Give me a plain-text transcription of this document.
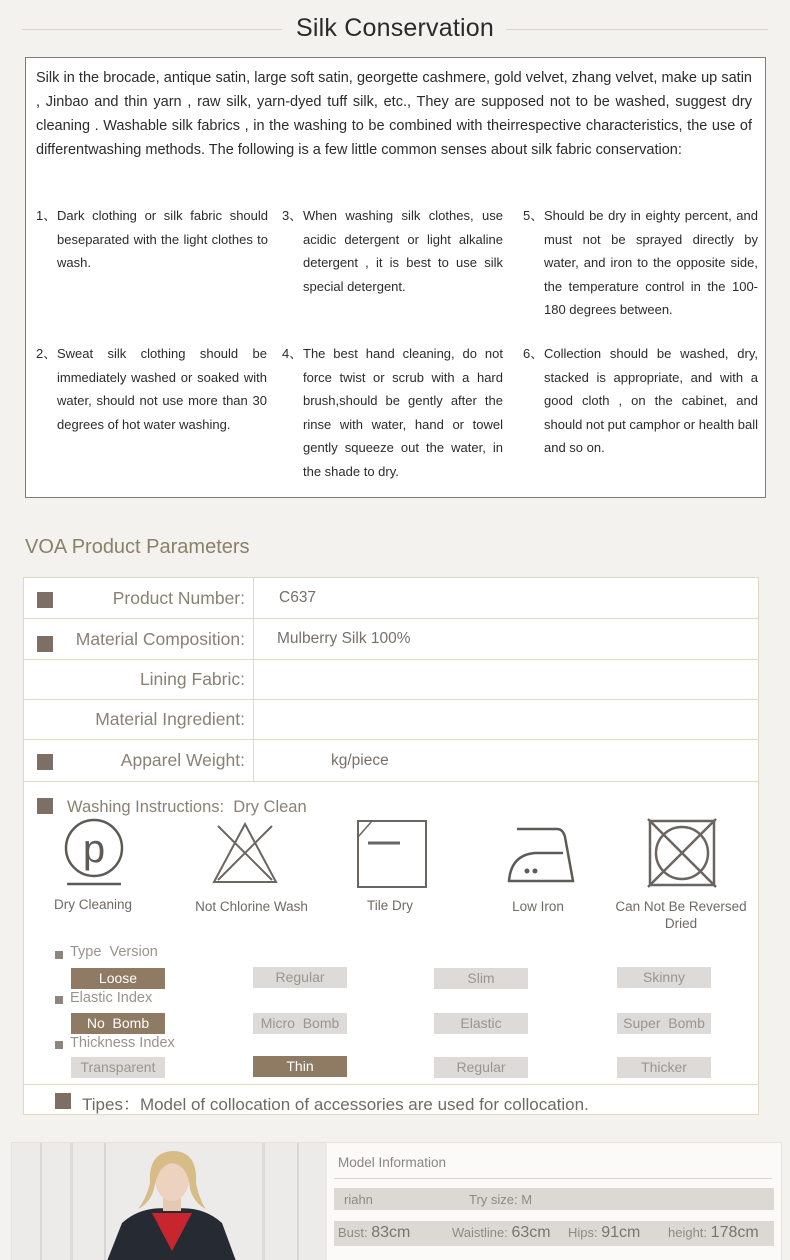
Silk Conservation

Silk in the brocade, antique satin, large soft satin, georgette cashmere, gold velvet, zhang velvet, make up satin , Jinbao and thin yarn , raw silk, yarn-dyed tuff silk, etc., They are supposed not to be washed, suggest dry cleaning . Washable silk fabrics , in the washing to be combined with theirrespective characteristics, the use of differentwashing methods. The following is a few little common senses about silk fabric conservation:

1、 Dark clothing or silk fabric should beseparated with the light clothes to wash.
3、 When washing silk clothes, use acidic detergent or light alkaline detergent , it is best to use silk special detergent.
5、 Should be dry in eighty percent, and must not be sprayed directly by water, and iron to the opposite side, the temperature control in the 100-180 degrees between.
2、 Sweat silk clothing should be immediately washed or soaked with water, should not use more than 30 degrees of hot water washing.
4、 The best hand cleaning, do not force twist or scrub with a hard brush,should be gently after the rinse with water, hand or towel gently squeeze out the water, in the shade to dry.
6、 Collection should be washed, dry, stacked is appropriate, and with a good cloth , on the cabinet, and should not put camphor or health ball and so on.
VOA Product Parameters
Product Number:	C637
Material Composition:	Mulberry Silk 100%
Lining Fabric:
Material Ingredient:
Apparel Weight:	kg/piece
Washing Instructions: Dry Clean
p
Dry Cleaning	Not Chlorine Wash	Tile Dry	Low Iron	Can Not Be Reversed Dried
Type  Version
Loose	Regular	Slim	Skinny
Elastic Index
No  Bomb	Micro  Bomb	Elastic	Super  Bomb
Thickness Index
Transparent	Thin	Regular	Thicker
Tipes：Model of collocation of accessories are used for collocation.
Model Information
riahn	Try size: M
Bust: 83cm	Waistline: 63cm Hips: 91cm height: 178cm
